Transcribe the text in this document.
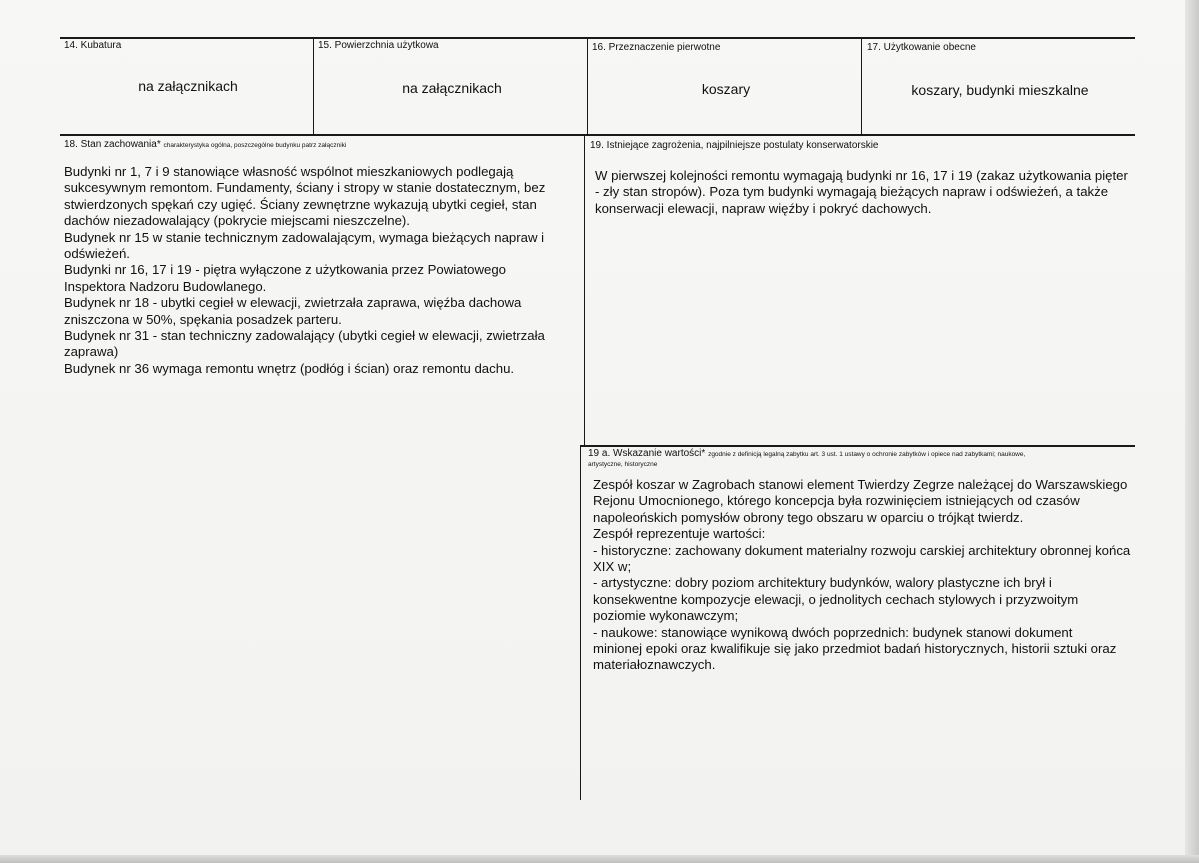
14. Kubatura
na załącznikach
15. Powierzchnia użytkowa
na załącznikach
16. Przeznaczenie pierwotne
koszary
17. Użytkowanie obecne
koszary, budynki mieszkalne
18. Stan zachowania* charakterystyka ogólna, poszczególne budynku patrz załączniki
Budynki nr 1, 7 i 9 stanowiące własność wspólnot mieszkaniowych podlegają
sukcesywnym remontom. Fundamenty, ściany i stropy w stanie dostatecznym, bez
stwierdzonych spękań czy ugięć. Ściany zewnętrzne wykazują ubytki cegieł, stan
dachów niezadowalający (pokrycie miejscami nieszczelne).
Budynek nr 15 w stanie technicznym zadowalającym, wymaga bieżących napraw i
odświeżeń.
Budynki nr 16, 17 i 19 - piętra wyłączone z użytkowania przez Powiatowego
Inspektora Nadzoru Budowlanego.
Budynek nr 18 - ubytki cegieł w elewacji, zwietrzała zaprawa, więźba dachowa
zniszczona w 50%, spękania posadzek parteru.
Budynek nr 31 - stan techniczny zadowalający (ubytki cegieł w elewacji, zwietrzała
zaprawa)
Budynek nr 36 wymaga remontu wnętrz (podłóg i ścian) oraz remontu dachu.
19. Istniejące zagrożenia, najpilniejsze postulaty konserwatorskie
W pierwszej kolejności remontu wymagają budynki nr 16, 17 i 19 (zakaz użytkowania pięter
- zły stan stropów). Poza tym budynki wymagają bieżących napraw i odświeżeń, a także
konserwacji elewacji, napraw więźby i pokryć dachowych.
19 a. Wskazanie wartości* zgodnie z definicją legalną zabytku art. 3 ust. 1 ustawy o ochronie zabytków i opiece nad zabytkami; naukowe,
artystyczne, historyczne
Zespół koszar w Zagrobach stanowi element Twierdzy Zegrze należącej do Warszawskiego
Rejonu Umocnionego, którego koncepcja była rozwinięciem istniejących od czasów
napoleońskich pomysłów obrony tego obszaru w oparciu o trójkąt twierdz.
Zespół reprezentuje wartości:
- historyczne: zachowany dokument materialny rozwoju carskiej architektury obronnej końca
XIX w;
- artystyczne: dobry poziom architektury budynków, walory plastyczne ich brył i
konsekwentne kompozycje elewacji, o jednolitych cechach stylowych i przyzwoitym
poziomie wykonawczym;
- naukowe: stanowiące wynikową dwóch poprzednich: budynek stanowi dokument
minionej epoki oraz kwalifikuje się jako przedmiot badań historycznych, historii sztuki oraz
materiałoznawczych.
